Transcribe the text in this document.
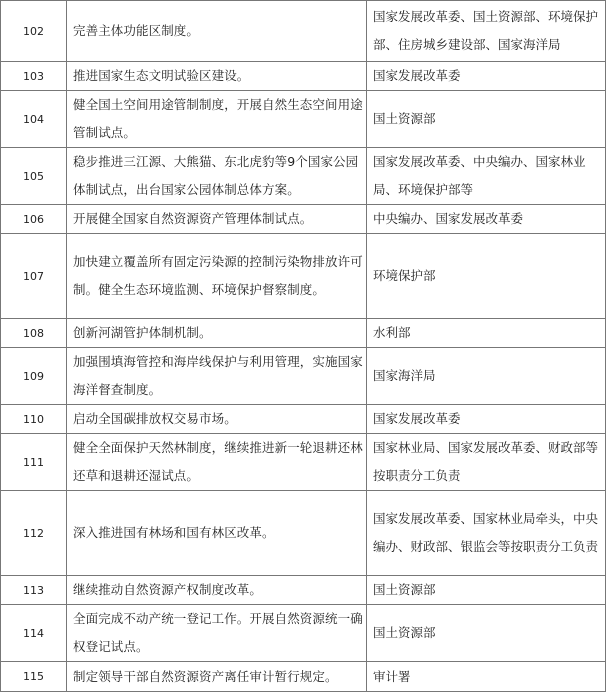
102	完善主体功能区制度。	国家发展改革委、国土资源部、环境保护部、住房城乡建设部、国家海洋局
103	推进国家生态文明试验区建设。	国家发展改革委
104	健全国土空间用途管制制度，开展自然生态空间用途管制试点。	国土资源部
105	稳步推进三江源、大熊猫、东北虎豹等9个国家公园体制试点，出台国家公园体制总体方案。	国家发展改革委、中央编办、国家林业局、环境保护部等
106	开展健全国家自然资源资产管理体制试点。	中央编办、国家发展改革委
107	加快建立覆盖所有固定污染源的控制污染物排放许可制。健全生态环境监测、环境保护督察制度。	环境保护部
108	创新河湖管护体制机制。	水利部
109	加强围填海管控和海岸线保护与利用管理，实施国家海洋督查制度。	国家海洋局
110	启动全国碳排放权交易市场。	国家发展改革委
111	健全全面保护天然林制度，继续推进新一轮退耕还林还草和退耕还湿试点。	国家林业局、国家发展改革委、财政部等按职责分工负责
112	深入推进国有林场和国有林区改革。	国家发展改革委、国家林业局牵头，中央编办、财政部、银监会等按职责分工负责
113	继续推动自然资源产权制度改革。	国土资源部
114	全面完成不动产统一登记工作。开展自然资源统一确权登记试点。	国土资源部
115	制定领导干部自然资源资产离任审计暂行规定。	审计署
